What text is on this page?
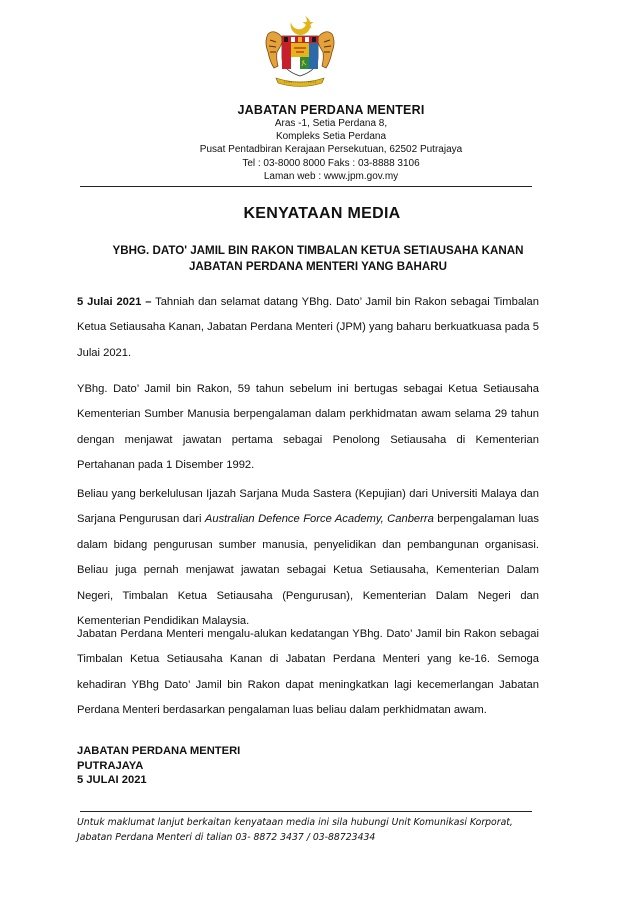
JABATAN PERDANA MENTERI
Aras -1, Setia Perdana 8,
Kompleks Setia Perdana
Pusat Pentadbiran Kerajaan Persekutuan, 62502 Putrajaya
Tel : 03-8000 8000 Faks : 03-8888 3106
Laman web : www.jpm.gov.my
KENYATAAN MEDIA
YBHG. DATO' JAMIL BIN RAKON TIMBALAN KETUA SETIAUSAHA KANAN
JABATAN PERDANA MENTERI YANG BAHARU

5 Julai 2021 – Tahniah dan selamat datang YBhg. Dato’ Jamil bin Rakon sebagai Timbalan Ketua Setiausaha Kanan, Jabatan Perdana Menteri (JPM) yang baharu berkuatkuasa pada 5 Julai 2021.

YBhg. Dato’ Jamil bin Rakon, 59 tahun sebelum ini bertugas sebagai Ketua Setiausaha Kementerian Sumber Manusia berpengalaman dalam perkhidmatan awam selama 29 tahun dengan menjawat jawatan pertama sebagai Penolong Setiausaha di Kementerian Pertahanan pada 1 Disember 1992.

Beliau yang berkelulusan Ijazah Sarjana Muda Sastera (Kepujian) dari Universiti Malaya dan Sarjana Pengurusan dari Australian Defence Force Academy, Canberra berpengalaman luas dalam bidang pengurusan sumber manusia, penyelidikan dan pembangunan organisasi. Beliau juga pernah menjawat jawatan sebagai Ketua Setiausaha, Kementerian Dalam Negeri, Timbalan Ketua Setiausaha (Pengurusan), Kementerian Dalam Negeri dan Kementerian Pendidikan Malaysia.

Jabatan Perdana Menteri mengalu-alukan kedatangan YBhg. Dato’ Jamil bin Rakon sebagai Timbalan Ketua Setiausaha Kanan di Jabatan Perdana Menteri yang ke-16. Semoga kehadiran YBhg Dato’ Jamil bin Rakon dapat meningkatkan lagi kecemerlangan Jabatan Perdana Menteri berdasarkan pengalaman luas beliau dalam perkhidmatan awam.

JABATAN PERDANA MENTERI
PUTRAJAYA
5 JULAI 2021
Untuk maklumat lanjut berkaitan kenyataan media ini sila hubungi Unit Komunikasi Korporat,
Jabatan Perdana Menteri di talian 03- 8872 3437 / 03-88723434
